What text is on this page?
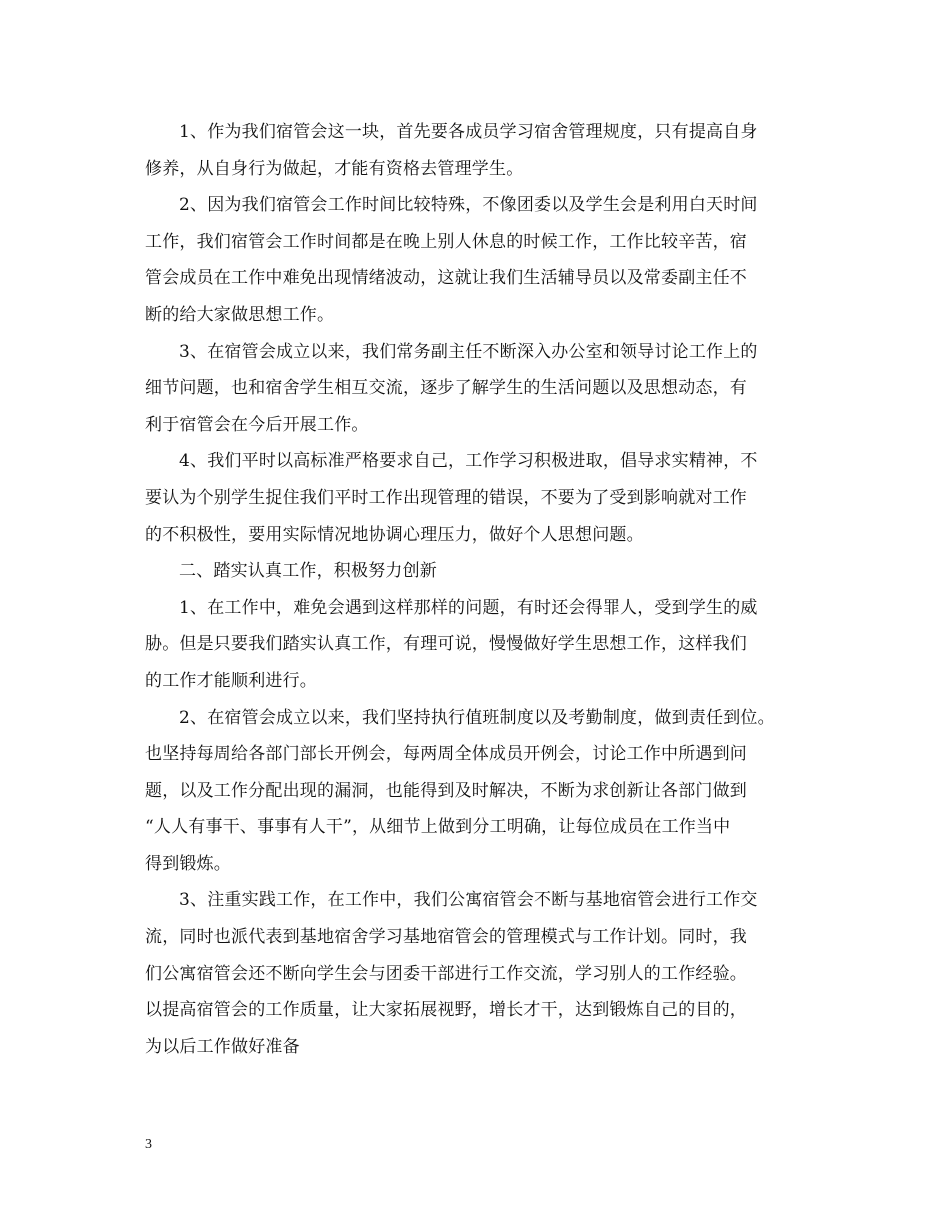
1、作为我们宿管会这一块，首先要各成员学习宿舍管理规度，只有提高自身
修养，从自身行为做起，才能有资格去管理学生。
2、因为我们宿管会工作时间比较特殊，不像团委以及学生会是利用白天时间
工作，我们宿管会工作时间都是在晚上别人休息的时候工作，工作比较辛苦，宿
管会成员在工作中难免出现情绪波动，这就让我们生活辅导员以及常委副主任不
断的给大家做思想工作。
3、在宿管会成立以来，我们常务副主任不断深入办公室和领导讨论工作上的
细节问题，也和宿舍学生相互交流，逐步了解学生的生活问题以及思想动态，有
利于宿管会在今后开展工作。
4、我们平时以高标准严格要求自己，工作学习积极进取，倡导求实精神，不
要认为个别学生捉住我们平时工作出现管理的错误，不要为了受到影响就对工作
的不积极性，要用实际情况地协调心理压力，做好个人思想问题。
二、踏实认真工作，积极努力创新
1、在工作中，难免会遇到这样那样的问题，有时还会得罪人，受到学生的威
胁。但是只要我们踏实认真工作，有理可说，慢慢做好学生思想工作，这样我们
的工作才能顺利进行。
2、在宿管会成立以来，我们坚持执行值班制度以及考勤制度，做到责任到位。
也坚持每周给各部门部长开例会，每两周全体成员开例会，讨论工作中所遇到问
题，以及工作分配出现的漏洞，也能得到及时解决，不断为求创新让各部门做到
“人人有事干、事事有人干”，从细节上做到分工明确，让每位成员在工作当中
得到锻炼。
3、注重实践工作，在工作中，我们公寓宿管会不断与基地宿管会进行工作交
流，同时也派代表到基地宿舍学习基地宿管会的管理模式与工作计划。同时，我
们公寓宿管会还不断向学生会与团委干部进行工作交流，学习别人的工作经验。
以提高宿管会的工作质量，让大家拓展视野，增长才干，达到锻炼自己的目的，
为以后工作做好准备
3
